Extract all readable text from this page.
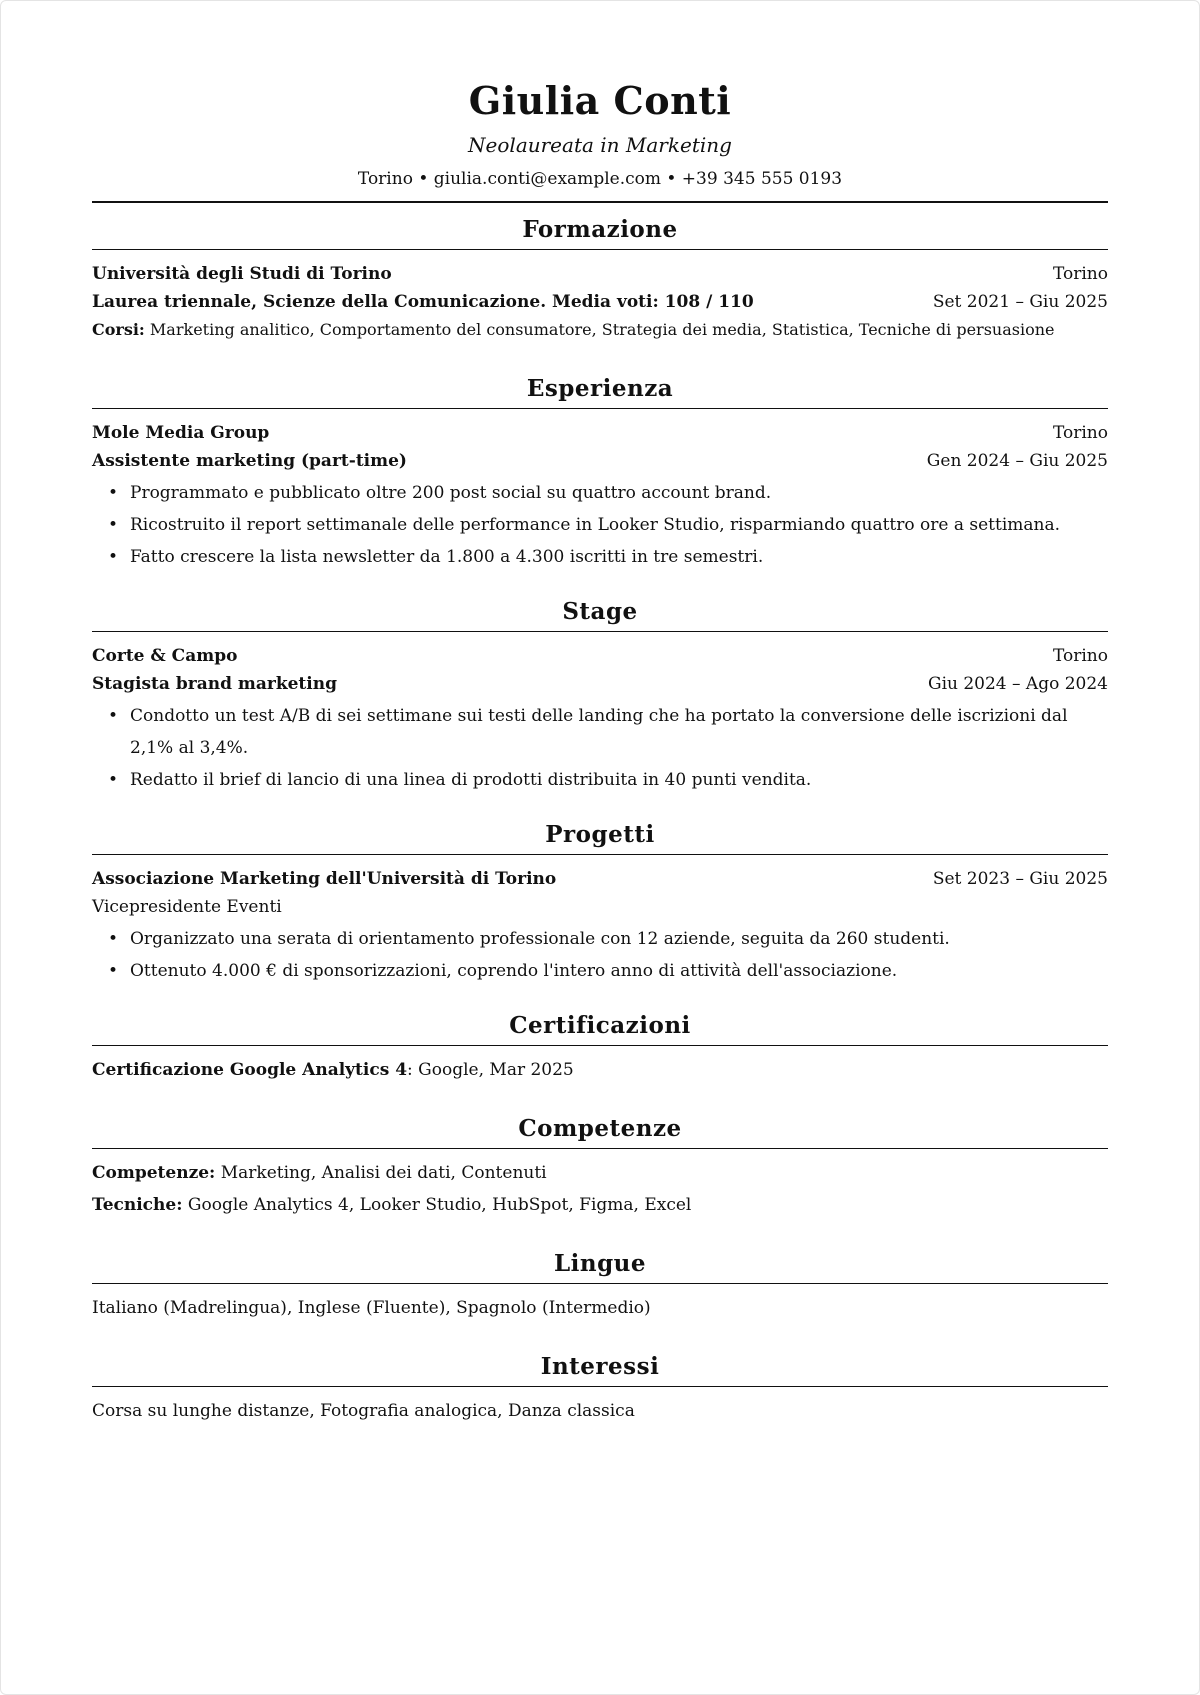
Giulia Conti
Neolaureata in Marketing
Torino • giulia.conti@example.com • +39 345 555 0193
Formazione
Università degli Studi di Torino	Torino
Laurea triennale, Scienze della Comunicazione. Media voti: 108 / 110	Set 2021 – Giu 2025
Corsi: Marketing analitico, Comportamento del consumatore, Strategia dei media, Statistica, Tecniche di persuasione
Esperienza
Mole Media Group	Torino
Assistente marketing (part-time)	Gen 2024 – Giu 2025
• Programmato e pubblicato oltre 200 post social su quattro account brand.
• Ricostruito il report settimanale delle performance in Looker Studio, risparmiando quattro ore a settimana.
• Fatto crescere la lista newsletter da 1.800 a 4.300 iscritti in tre semestri.
Stage
Corte & Campo	Torino
Stagista brand marketing	Giu 2024 – Ago 2024
• Condotto un test A/B di sei settimane sui testi delle landing che ha portato la conversione delle iscrizioni dal 2,1% al 3,4%.
• Redatto il brief di lancio di una linea di prodotti distribuita in 40 punti vendita.
Progetti
Associazione Marketing dell'Università di Torino	Set 2023 – Giu 2025
Vicepresidente Eventi
• Organizzato una serata di orientamento professionale con 12 aziende, seguita da 260 studenti.
• Ottenuto 4.000 € di sponsorizzazioni, coprendo l'intero anno di attività dell'associazione.
Certificazioni
Certificazione Google Analytics 4: Google, Mar 2025
Competenze
Competenze: Marketing, Analisi dei dati, Contenuti
Tecniche: Google Analytics 4, Looker Studio, HubSpot, Figma, Excel
Lingue
Italiano (Madrelingua), Inglese (Fluente), Spagnolo (Intermedio)
Interessi
Corsa su lunghe distanze, Fotografia analogica, Danza classica
